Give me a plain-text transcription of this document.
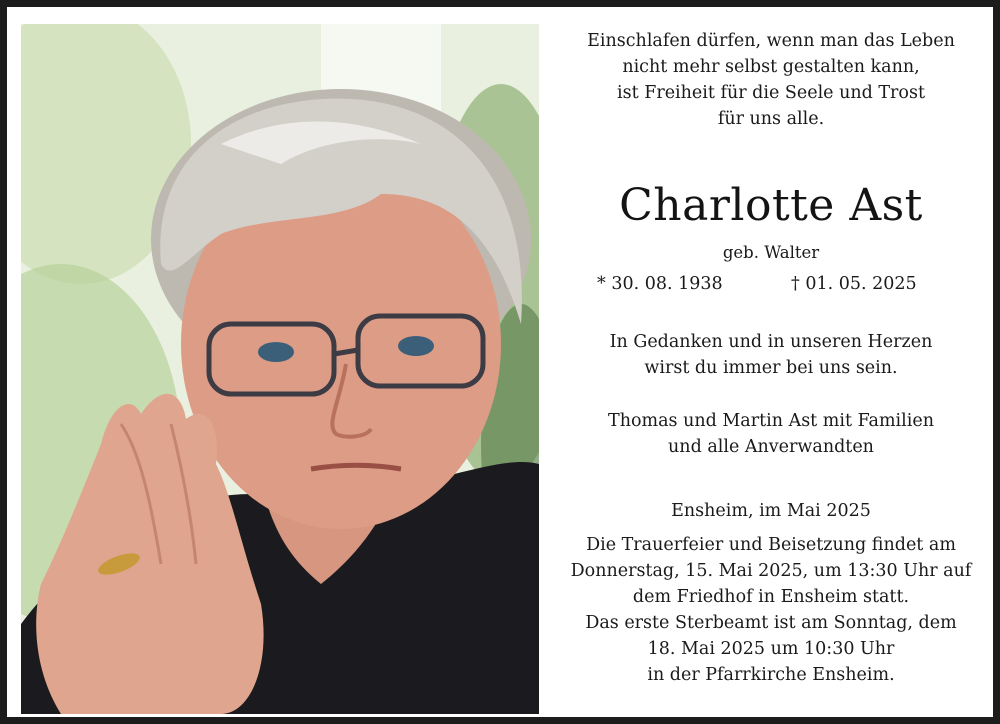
Einschlafen dürfen, wenn man das Leben
nicht mehr selbst gestalten kann,
ist Freiheit für die Seele und Trost
für uns alle.
Charlotte Ast
geb. Walter
* 30. 08. 1938	† 01. 05. 2025
In Gedanken und in unseren Herzen
wirst du immer bei uns sein.
Thomas und Martin Ast mit Familien
und alle Anverwandten
Ensheim, im Mai 2025
Die Trauerfeier und Beisetzung findet am
Donnerstag, 15. Mai 2025, um 13:30 Uhr auf
dem Friedhof in Ensheim statt.
Das erste Sterbeamt ist am Sonntag, dem
18. Mai 2025 um 10:30 Uhr
in der Pfarrkirche Ensheim.
